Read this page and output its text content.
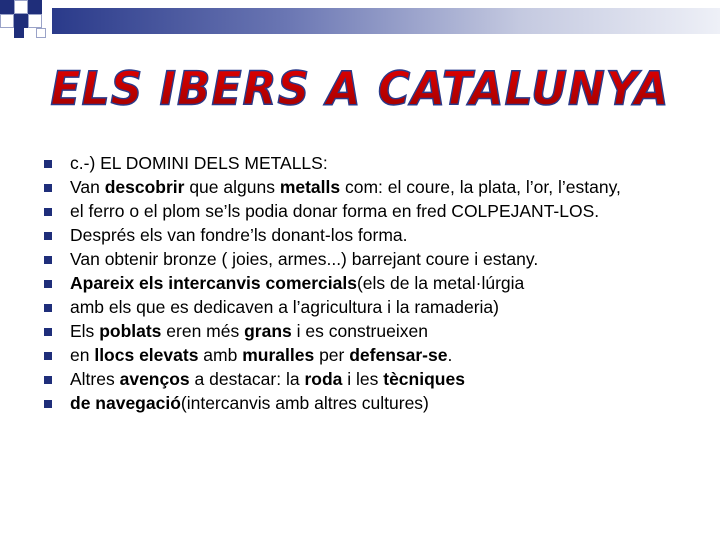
ELS IBERS A CATALUNYA
c.-) EL DOMINI DELS METALLS:
Van descobrir que alguns metalls com: el coure, la plata, l’or, l’estany,
el ferro o el plom se’ls podia donar forma en fred COLPEJANT-LOS.
Després els van fondre’ls donant-los forma.
Van obtenir bronze ( joies, armes...) barrejant coure i estany.
Apareix els intercanvis comercials(els de la metal·lúrgia
amb els que es dedicaven a l’agricultura i la ramaderia)
Els poblats eren més grans i es construeixen
en llocs elevats amb muralles per defensar-se.
Altres avenços a destacar: la roda i les tècniques
de navegació(intercanvis amb altres cultures)
